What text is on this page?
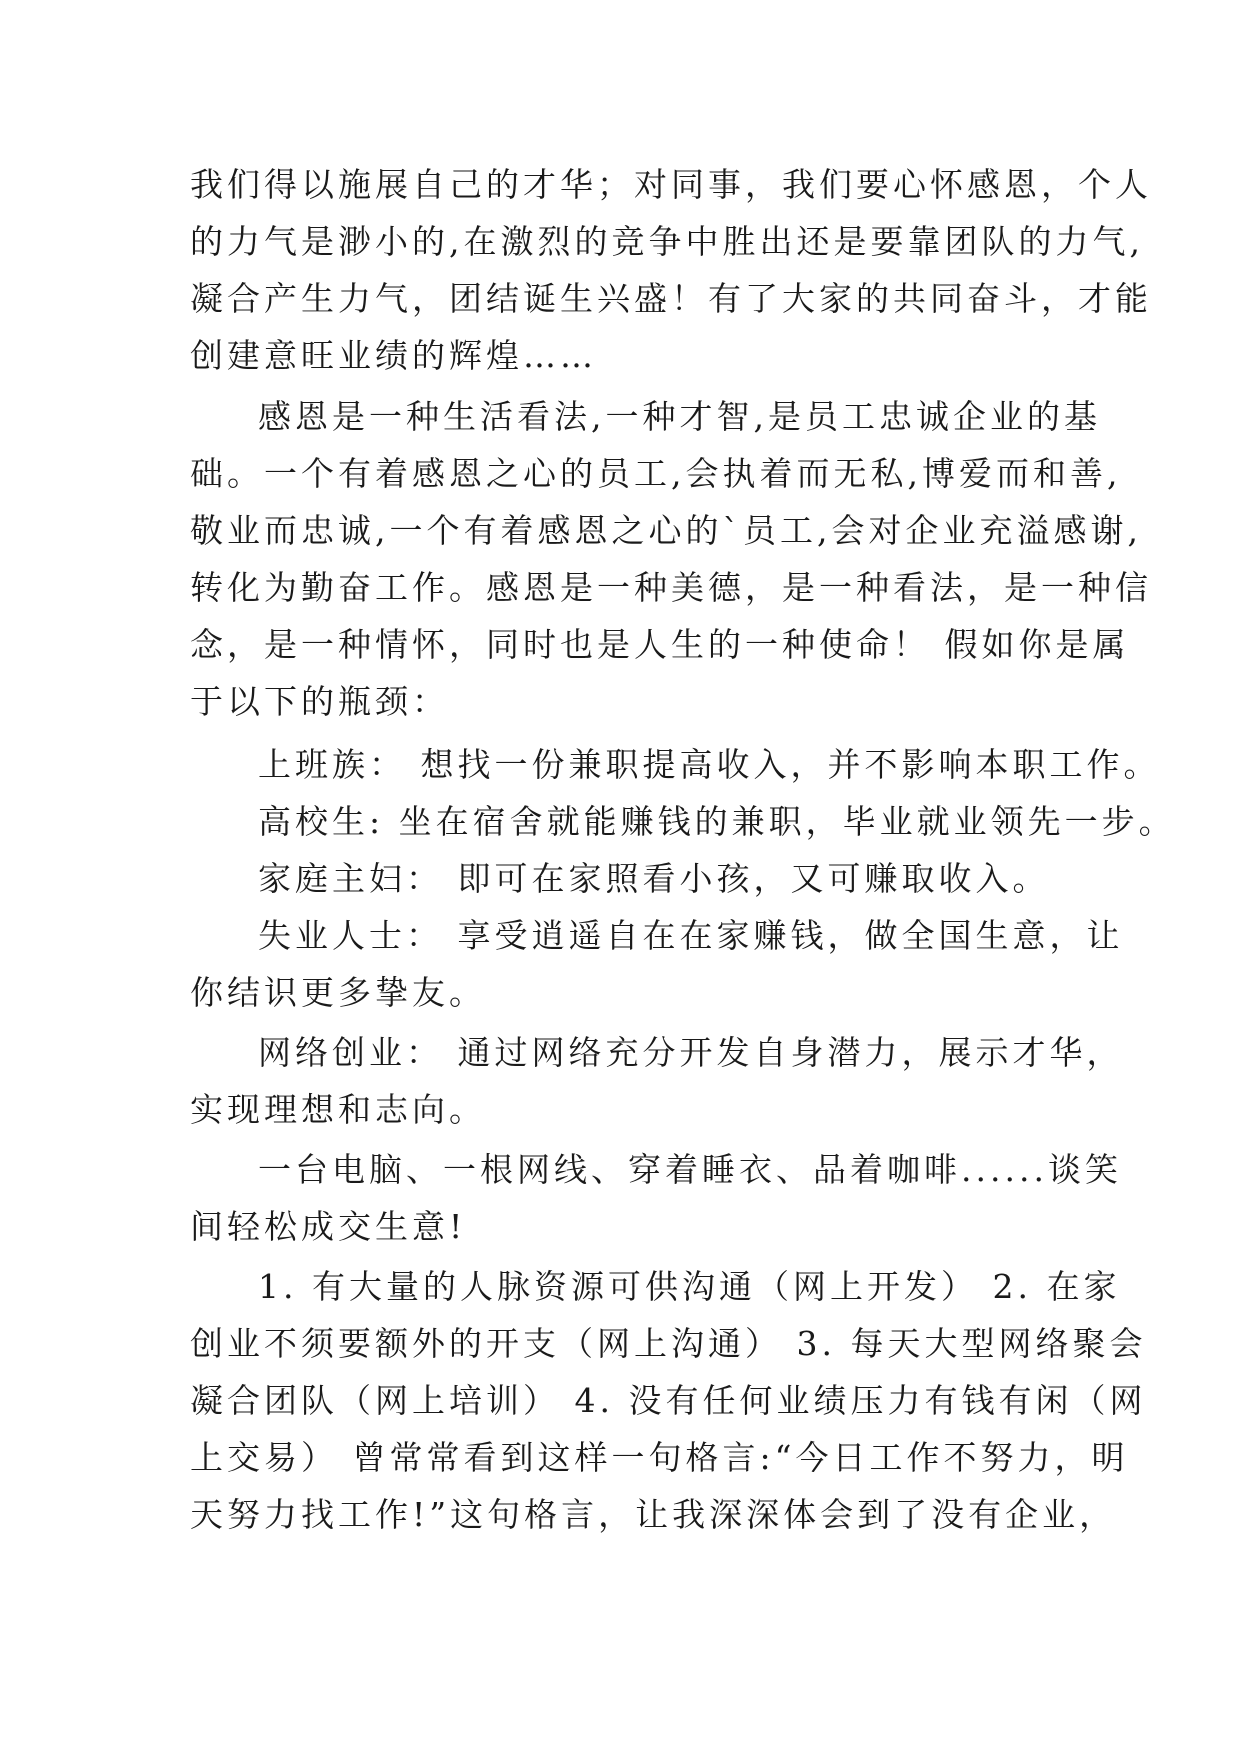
我们得以施展自己的才华；对同事，我们要心怀感恩，个人
的力气是渺小的,在激烈的竞争中胜出还是要靠团队的力气,
凝合产生力气，团结诞生兴盛！有了大家的共同奋斗，才能
创建意旺业绩的辉煌……
感恩是一种生活看法,一种才智,是员工忠诚企业的基
础。一个有着感恩之心的员工,会执着而无私,博爱而和善,
敬业而忠诚,一个有着感恩之心的`员工,会对企业充溢感谢,
转化为勤奋工作。感恩是一种美德，是一种看法，是一种信
念，是一种情怀，同时也是人生的一种使命！ 假如你是属
于以下的瓶颈：
上班族： 想找一份兼职提高收入，并不影响本职工作。
高校生: 坐在宿舍就能赚钱的兼职，毕业就业领先一步。
家庭主妇： 即可在家照看小孩，又可赚取收入。
失业人士： 享受逍遥自在在家赚钱，做全国生意，让
你结识更多挚友。
网络创业： 通过网络充分开发自身潜力，展示才华，
实现理想和志向。
一台电脑、一根网线、穿着睡衣、品着咖啡......谈笑
间轻松成交生意!
1. 有大量的人脉资源可供沟通（网上开发） 2. 在家
创业不须要额外的开支（网上沟通） 3. 每天大型网络聚会
凝合团队（网上培训） 4. 没有任何业绩压力有钱有闲（网
上交易） 曾常常看到这样一句格言:“今日工作不努力，明
天努力找工作!”这句格言，让我深深体会到了没有企业，
